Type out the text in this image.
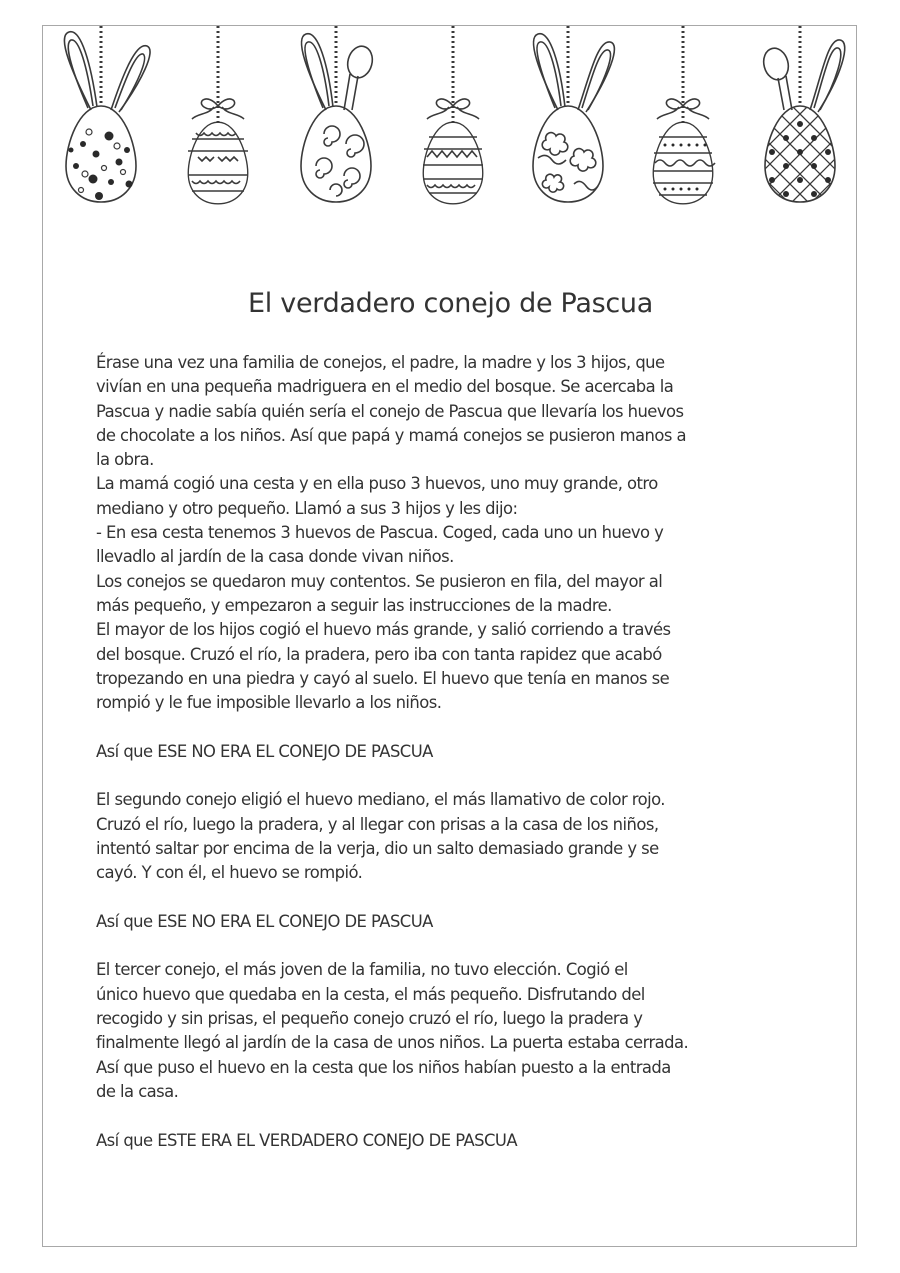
El verdadero conejo de Pascua

Érase una vez una familia de conejos, el padre, la madre y los 3 hijos, que

vivían en una pequeña madriguera en el medio del bosque. Se acercaba la

Pascua y nadie sabía quién sería el conejo de Pascua que llevaría los huevos

de chocolate a los niños. Así que papá y mamá conejos se pusieron manos a

la obra.

La mamá cogió una cesta y en ella puso 3 huevos, uno muy grande, otro

mediano y otro pequeño. Llamó a sus 3 hijos y les dijo:

- En esa cesta tenemos 3 huevos de Pascua. Coged, cada uno un huevo y

llevadlo al jardín de la casa donde vivan niños.

Los conejos se quedaron muy contentos. Se pusieron en fila, del mayor al

más pequeño, y empezaron a seguir las instrucciones de la madre.

El mayor de los hijos cogió el huevo más grande, y salió corriendo a través

del bosque. Cruzó el río, la pradera, pero iba con tanta rapidez que acabó

tropezando en una piedra y cayó al suelo. El huevo que tenía en manos se

rompió y le fue imposible llevarlo a los niños.

Así que ESE NO ERA EL CONEJO DE PASCUA

El segundo conejo eligió el huevo mediano, el más llamativo de color rojo.

Cruzó el río, luego la pradera, y al llegar con prisas a la casa de los niños,

intentó saltar por encima de la verja, dio un salto demasiado grande y se

cayó. Y con él, el huevo se rompió.

Así que ESE NO ERA EL CONEJO DE PASCUA

El tercer conejo, el más joven de la familia, no tuvo elección. Cogió el

único huevo que quedaba en la cesta, el más pequeño. Disfrutando del

recogido y sin prisas, el pequeño conejo cruzó el río, luego la pradera y

finalmente llegó al jardín de la casa de unos niños. La puerta estaba cerrada.

Así que puso el huevo en la cesta que los niños habían puesto a la entrada

de la casa.

Así que ESTE ERA EL VERDADERO CONEJO DE PASCUA
